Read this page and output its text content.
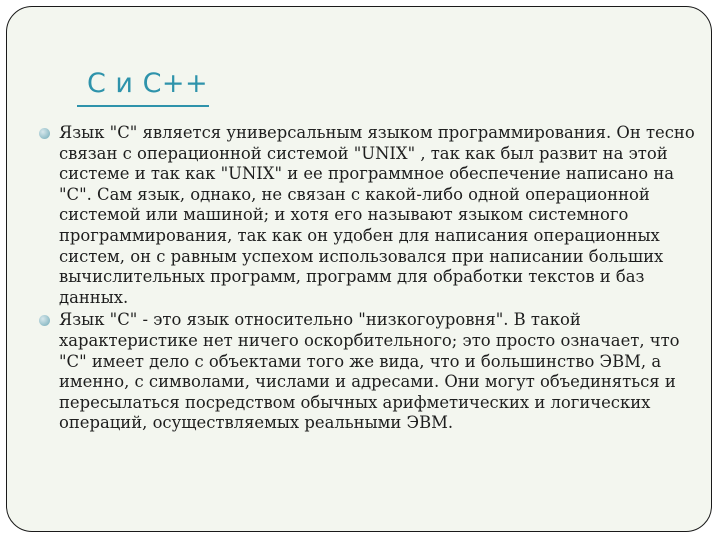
С и С++

Язык "C" является универсальным языком программирования. Он тесно связан с операционной системой "UNIX" , так как был развит на этой системе и так как "UNIX" и ее программное обеспечение написано на "C". Сам язык, однако, не связан с какой-либо одной операционной системой или машиной; и хотя его называют языком системного программирования, так как он удобен для написания операционных систем, он с равным успехом использовался при написании больших вычислительных программ, программ для обработки текстов и баз данных.

Язык "C" - это язык относительно "низкогоуровня". В такой характеристике нет ничего оскорбительного; это просто означает, что "C" имеет дело с объектами того же вида, что и большинство ЭВМ, а именно, с символами, числами и адресами. Они могут объединяться и пересылаться посредством обычных арифметических и логических операций, осуществляемых реальными ЭВМ.
